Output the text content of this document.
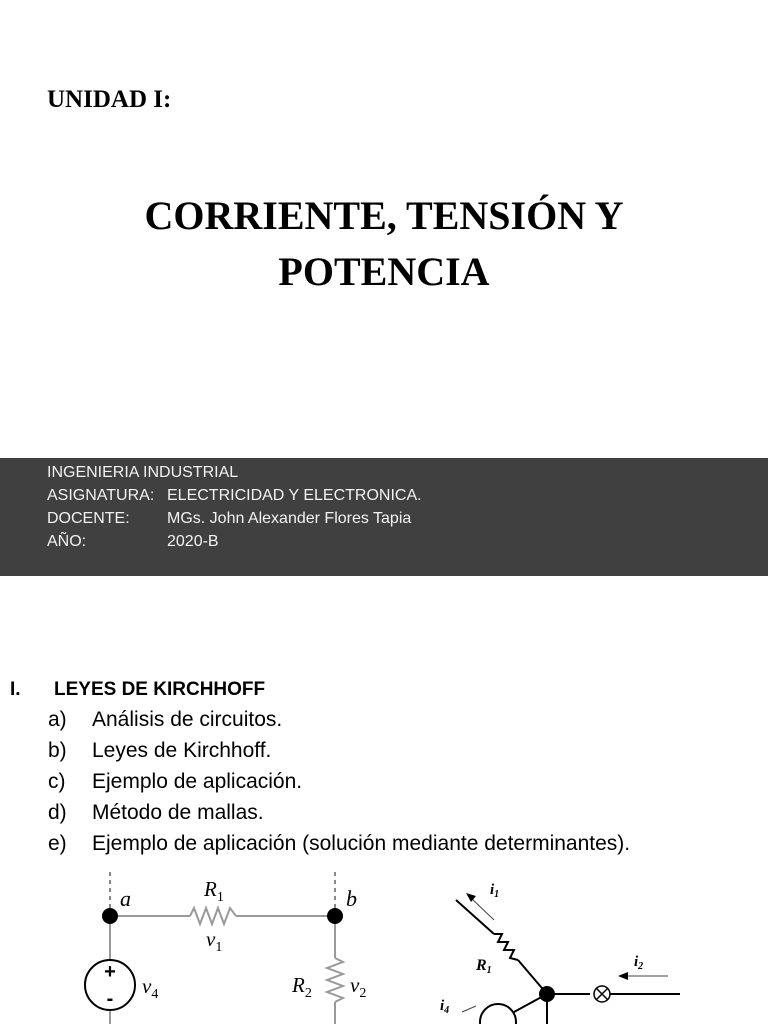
UNIDAD I:
CORRIENTE, TENSIÓN Y
POTENCIA
INGENIERIA INDUSTRIAL
ASIGNATURA: ELECTRICIDAD Y ELECTRONICA.
DOCENTE: MGs. John Alexander Flores Tapia
AÑO:	2020-B
I. LEYES DE KIRCHHOFF
a) Análisis de circuitos.
b) Leyes de Kirchhoff.
c) Ejemplo de aplicación.
d) Método de mallas.
e) Ejemplo de aplicación (solución mediante determinantes).
+
-
a	b
$R_1$
$v_1$
$R_2$ $v_2$
$v_4$
$i_1$
$i_2$
$i_4$
R1
